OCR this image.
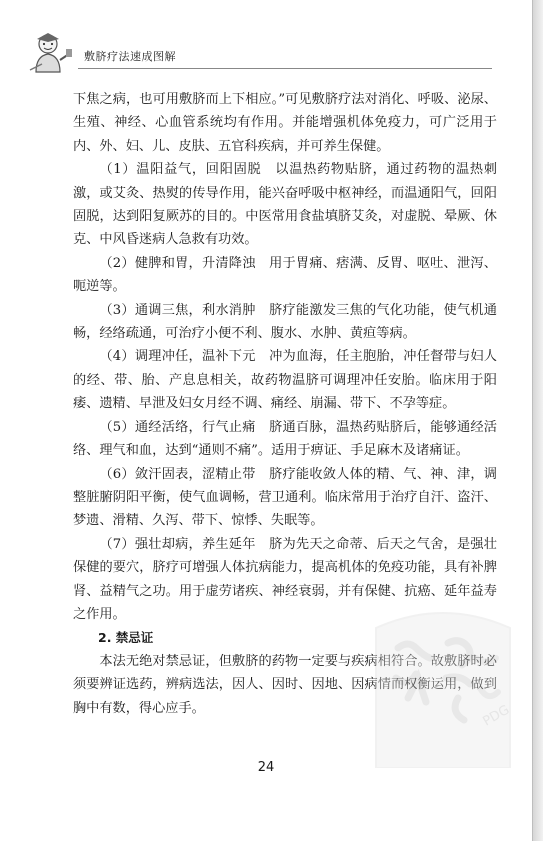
敷脐疗法速成图解

下焦之病，也可用敷脐而上下相应。”可见敷脐疗法对消化、呼吸、泌尿、生殖、神经、心血管系统均有作用。并能增强机体免疫力，可广泛用于内、外、妇、儿、皮肤、五官科疾病，并可养生保健。

（1）温阳益气，回阳固脱　以温热药物贴脐，通过药物的温热刺激，或艾灸、热熨的传导作用，能兴奋呼吸中枢神经，而温通阳气，回阳固脱，达到阳复厥苏的目的。中医常用食盐填脐艾灸，对虚脱、晕厥、休克、中风昏迷病人急救有功效。

（2）健脾和胃，升清降浊　用于胃痛、痞满、反胃、呕吐、泄泻、呃逆等。

（3）通调三焦，利水消肿　脐疗能激发三焦的气化功能，使气机通畅，经络疏通，可治疗小便不利、腹水、水肿、黄疸等病。

（4）调理冲任，温补下元　冲为血海，任主胞胎，冲任督带与妇人的经、带、胎、产息息相关，故药物温脐可调理冲任安胎。临床用于阳痿、遗精、早泄及妇女月经不调、痛经、崩漏、带下、不孕等症。

（5）通经活络，行气止痛　脐通百脉，温热药贴脐后，能够通经活络、理气和血，达到“通则不痛”。适用于痹证、手足麻木及诸痛证。

（6）敛汗固表，涩精止带　脐疗能收敛人体的精、气、神、津，调整脏腑阴阳平衡，使气血调畅，营卫通利。临床常用于治疗自汗、盗汗、梦遗、滑精、久泻、带下、惊悸、失眠等。

（7）强壮却病，养生延年　脐为先天之命蒂、后天之气舍，是强壮保健的要穴，脐疗可增强人体抗病能力，提高机体的免疫功能，具有补脾肾、益精气之功。用于虚劳诸疾、神经衰弱，并有保健、抗癌、延年益寿之作用。

2. 禁忌证

本法无绝对禁忌证，但敷脐的药物一定要与疾病相符合。故敷脐时必须要辨证选药，辨病选法，因人、因时、因地、因病情而权衡运用，做到胸中有数，得心应手。

24
PDG
